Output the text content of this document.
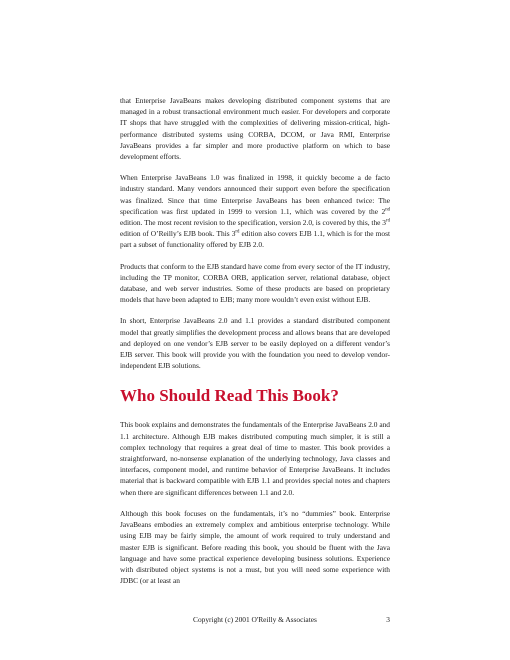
that Enterprise JavaBeans makes developing distributed component systems that are managed in a robust transactional environment much easier. For developers and corporate IT shops that have struggled with the complexities of delivering mission-critical, high-performance distributed systems using CORBA, DCOM, or Java RMI, Enterprise JavaBeans provides a far simpler and more productive platform on which to base development efforts.

When Enterprise JavaBeans 1.0 was finalized in 1998, it quickly become a de facto industry standard. Many vendors announced their support even before the specification was finalized. Since that time Enterprise JavaBeans has been enhanced twice: The specification was first updated in 1999 to version 1.1, which was covered by the 2nd edition. The most recent revision to the specification, version 2.0, is covered by this, the 3rd edition of O’Reilly’s EJB book. This 3rd edition also covers EJB 1.1, which is for the most part a subset of functionality offered by EJB 2.0.

Products that conform to the EJB standard have come from every sector of the IT industry, including the TP monitor, CORBA ORB, application server, relational database, object database, and web server industries. Some of these products are based on proprietary models that have been adapted to EJB; many more wouldn’t even exist without EJB.

In short, Enterprise JavaBeans 2.0 and 1.1 provides a standard distributed component model that greatly simplifies the development process and allows beans that are developed and deployed on one vendor’s EJB server to be easily deployed on a different vendor’s EJB server. This book will provide you with the foundation you need to develop vendor-independent EJB solutions.

Who Should Read This Book?

This book explains and demonstrates the fundamentals of the Enterprise JavaBeans 2.0 and 1.1 architecture. Although EJB makes distributed computing much simpler, it is still a complex technology that requires a great deal of time to master. This book provides a straightforward, no-nonsense explanation of the underlying technology, Java classes and interfaces, component model, and runtime behavior of Enterprise JavaBeans. It includes material that is backward compatible with EJB 1.1 and provides special notes and chapters when there are significant differences between 1.1 and 2.0.

Although this book focuses on the fundamentals, it’s no “dummies” book. Enterprise JavaBeans embodies an extremely complex and ambitious enterprise technology. While using EJB may be fairly simple, the amount of work required to truly understand and master EJB is significant. Before reading this book, you should be fluent with the Java language and have some practical experience developing business solutions. Experience with distributed object systems is not a must, but you will need some experience with JDBC (or at least an

Copyright (c) 2001 O'Reilly & Associates	3
